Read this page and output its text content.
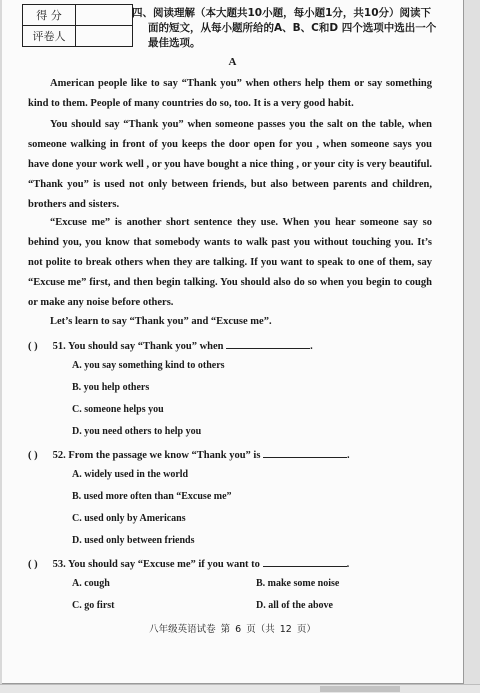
得 分	
评卷人	
四、阅读理解（本大题共10小题，每小题1分，共10分）阅读下
面的短文，从每小题所给的A、B、C和D 四个选项中选出一个
最佳选项。
A

American people like to say “Thank you” when others help them or say something kind to them. People of many countries do so, too. It is a very good habit.

You should say “Thank you” when someone passes you the salt on the table, when someone walking in front of you keeps the door open for you , when someone says you have done your work well , or you have bought a nice thing , or your city is very beautiful. “Thank you” is used not only between friends, but also between parents and children, brothers and sisters.

“Excuse me” is another short sentence they use. When you hear someone say so behind you, you know that somebody wants to walk past you without touching you. It’s not polite to break others when they are talking. If you want to speak to one of them, say “Excuse me” first, and then begin talking. You should also do so when you begin to cough or make any noise before others.

Let’s learn to say “Thank you” and “Excuse me”.

( ) 51. You should say “Thank you” when	.
A. you say something kind to others
B. you help others
C. someone helps you
D. you need others to help you
( ) 52. From the passage we know “Thank you” is	.
A. widely used in the world
B. used more often than “Excuse me”
C. used only by Americans
D. used only between friends
( ) 53. You should say “Excuse me” if you want to	.
A. cough	B. make some noise
C. go first	D. all of the above
八年级英语试卷 第 6 页（共 12 页）
